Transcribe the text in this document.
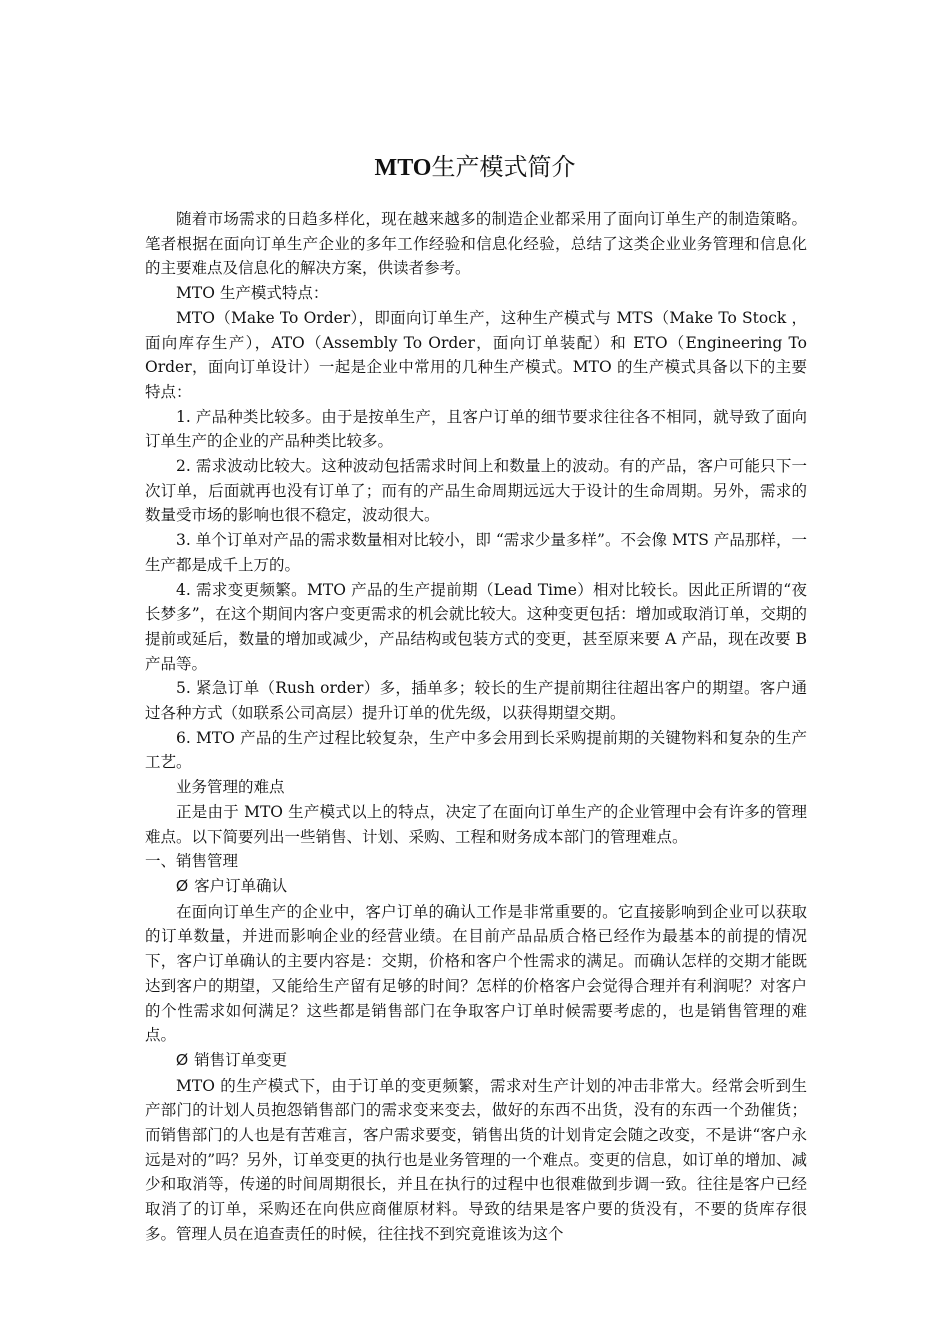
MTO生产模式简介

随着市场需求的日趋多样化，现在越来越多的制造企业都采用了面向订单生产的制造策略。笔者根据在面向订单生产企业的多年工作经验和信息化经验，总结了这类企业业务管理和信息化的主要难点及信息化的解决方案，供读者参考。

MTO 生产模式特点：

MTO（Make To Order），即面向订单生产，这种生产模式与 MTS（Make To Stock ，面向库存生产），ATO（Assembly To Order，面向订单装配）和 ETO（Engineering To Order，面向订单设计）一起是企业中常用的几种生产模式。MTO 的生产模式具备以下的主要特点：

1. 产品种类比较多。由于是按单生产，且客户订单的细节要求往往各不相同，就导致了面向订单生产的企业的产品种类比较多。

2. 需求波动比较大。这种波动包括需求时间上和数量上的波动。有的产品，客户可能只下一次订单，后面就再也没有订单了；而有的产品生命周期远远大于设计的生命周期。另外，需求的数量受市场的影响也很不稳定，波动很大。

3. 单个订单对产品的需求数量相对比较小，即 “需求少量多样”。不会像 MTS 产品那样，一生产都是成千上万的。

4. 需求变更频繁。MTO 产品的生产提前期（Lead Time）相对比较长。因此正所谓的“夜长梦多”，在这个期间内客户变更需求的机会就比较大。这种变更包括：增加或取消订单，交期的提前或延后，数量的增加或减少，产品结构或包装方式的变更，甚至原来要 A 产品，现在改要 B 产品等。

5. 紧急订单（Rush order）多，插单多；较长的生产提前期往往超出客户的期望。客户通过各种方式（如联系公司高层）提升订单的优先级，以获得期望交期。

6. MTO 产品的生产过程比较复杂，生产中多会用到长采购提前期的关键物料和复杂的生产工艺。

业务管理的难点

正是由于 MTO 生产模式以上的特点，决定了在面向订单生产的企业管理中会有许多的管理难点。以下简要列出一些销售、计划、采购、工程和财务成本部门的管理难点。

一、销售管理

Ø 客户订单确认

在面向订单生产的企业中，客户订单的确认工作是非常重要的。它直接影响到企业可以获取的订单数量，并进而影响企业的经营业绩。在目前产品品质合格已经作为最基本的前提的情况下，客户订单确认的主要内容是：交期，价格和客户个性需求的满足。而确认怎样的交期才能既达到客户的期望，又能给生产留有足够的时间？怎样的价格客户会觉得合理并有利润呢？对客户的个性需求如何满足？这些都是销售部门在争取客户订单时候需要考虑的，也是销售管理的难点。

Ø 销售订单变更

MTO 的生产模式下，由于订单的变更频繁，需求对生产计划的冲击非常大。经常会听到生产部门的计划人员抱怨销售部门的需求变来变去，做好的东西不出货，没有的东西一个劲催货；而销售部门的人也是有苦难言，客户需求要变，销售出货的计划肯定会随之改变，不是讲“客户永远是对的”吗？另外，订单变更的执行也是业务管理的一个难点。变更的信息，如订单的增加、减少和取消等，传递的时间周期很长，并且在执行的过程中也很难做到步调一致。往往是客户已经取消了的订单，采购还在向供应商催原材料。导致的结果是客户要的货没有，不要的货库存很多。管理人员在追查责任的时候，往往找不到究竟谁该为这个
